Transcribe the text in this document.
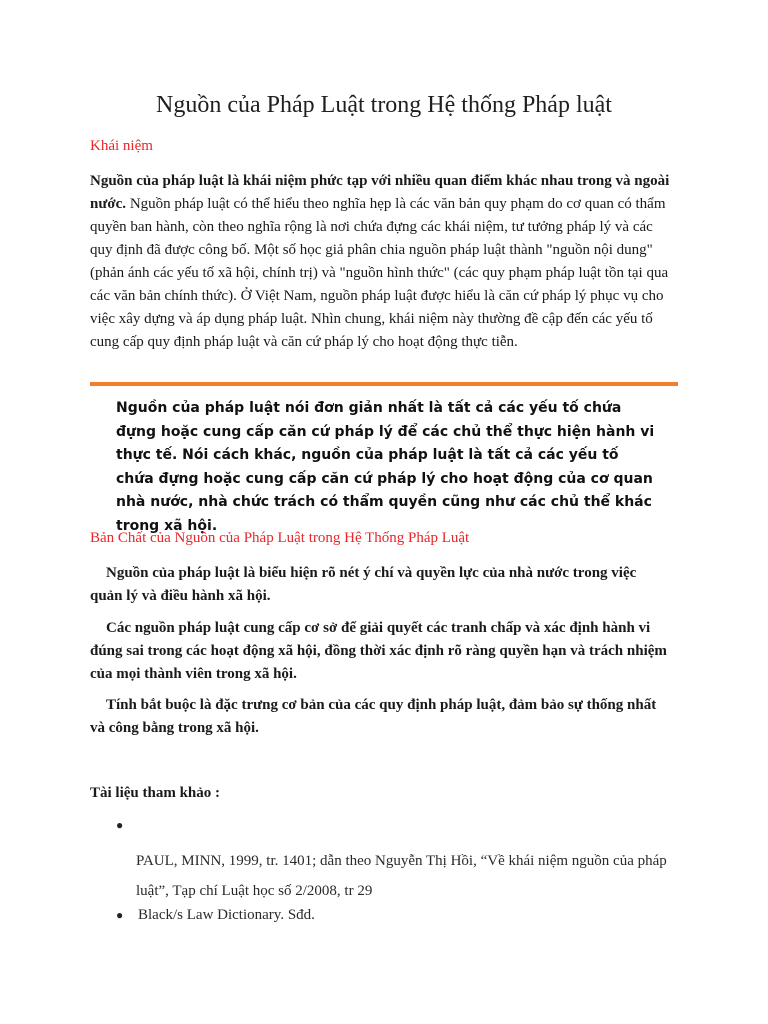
Nguồn của Pháp Luật trong Hệ thống Pháp luật
Khái niệm

Nguồn của pháp luật là khái niệm phức tạp với nhiều quan điểm khác nhau trong và ngoài nước. Nguồn pháp luật có thể hiểu theo nghĩa hẹp là các văn bản quy phạm do cơ quan có thẩm quyền ban hành, còn theo nghĩa rộng là nơi chứa đựng các khái niệm, tư tưởng pháp lý và các quy định đã được công bố. Một số học giả phân chia nguồn pháp luật thành "nguồn nội dung" (phản ánh các yếu tố xã hội, chính trị) và "nguồn hình thức" (các quy phạm pháp luật tồn tại qua các văn bản chính thức). Ở Việt Nam, nguồn pháp luật được hiểu là căn cứ pháp lý phục vụ cho việc xây dựng và áp dụng pháp luật. Nhìn chung, khái niệm này thường đề cập đến các yếu tố cung cấp quy định pháp luật và căn cứ pháp lý cho hoạt động thực tiễn.

Nguồn của pháp luật nói đơn giản nhất là tất cả các yếu tố chứa đựng hoặc cung cấp căn cứ pháp lý để các chủ thể thực hiện hành vi thực tế. Nói cách khác, nguồn của pháp luật là tất cả các yếu tố chứa đựng hoặc cung cấp căn cứ pháp lý cho hoạt động của cơ quan nhà nước, nhà chức trách có thẩm quyền cũng như các chủ thể khác trong xã hội.

Bản Chất của Nguồn của Pháp Luật trong Hệ Thống Pháp Luật

Nguồn của pháp luật là biểu hiện rõ nét ý chí và quyền lực của nhà nước trong việc quản lý và điều hành xã hội.

Các nguồn pháp luật cung cấp cơ sở để giải quyết các tranh chấp và xác định hành vi đúng sai trong các hoạt động xã hội, đồng thời xác định rõ ràng quyền hạn và trách nhiệm của mọi thành viên trong xã hội.

Tính bắt buộc là đặc trưng cơ bản của các quy định pháp luật, đảm bảo sự thống nhất và công bằng trong xã hội.

Tài liệu tham khảo :

●

PAUL, MINN, 1999, tr. 1401; dẫn theo Nguyễn Thị Hồi, “Về khái niệm nguồn của pháp luật”, Tạp chí Luật học số 2/2008, tr 29

● Black/s Law Dictionary. Sđd.
